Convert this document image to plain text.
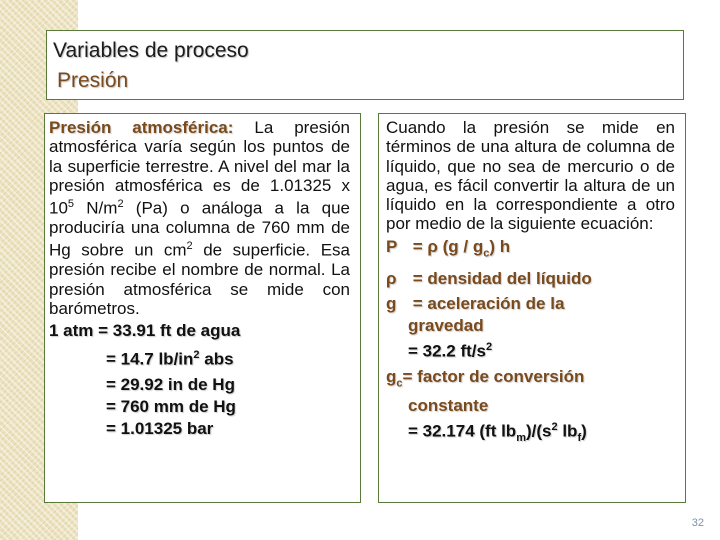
Variables de proceso
Presión
Presión atmosférica: La presión atmosférica varía según los puntos de la superficie terrestre. A nivel del mar la presión atmosférica es de 1.01325 x $10^5$ $N/m^2$ (Pa) o análoga a la que produciría una columna de 760 mm de Hg sobre un $cm^2$ de superficie. Esa presión recibe el nombre de normal. La presión atmosférica se mide con barómetros.
1 atm = 33.91 ft de agua
= 14.7 $lb/in^2$ abs
= 29.92 in de Hg
= 760 mm de Hg
= 1.01325 bar
Cuando la presión se mide en términos de una altura de columna de líquido, que no sea de mercurio o de agua, es fácil convertir la altura de un líquido en la correspondiente a otro por medio de la siguiente ecuación:
P = ρ $(g / g_c)$ h
ρ = densidad del líquido
g = aceleración de la
gravedad
= 32.2 $ft/s^2$
$g_c=$ factor de conversión
constante
= 32.174 (ft $lb_m)/(s^2$ $lb_f$)
32
